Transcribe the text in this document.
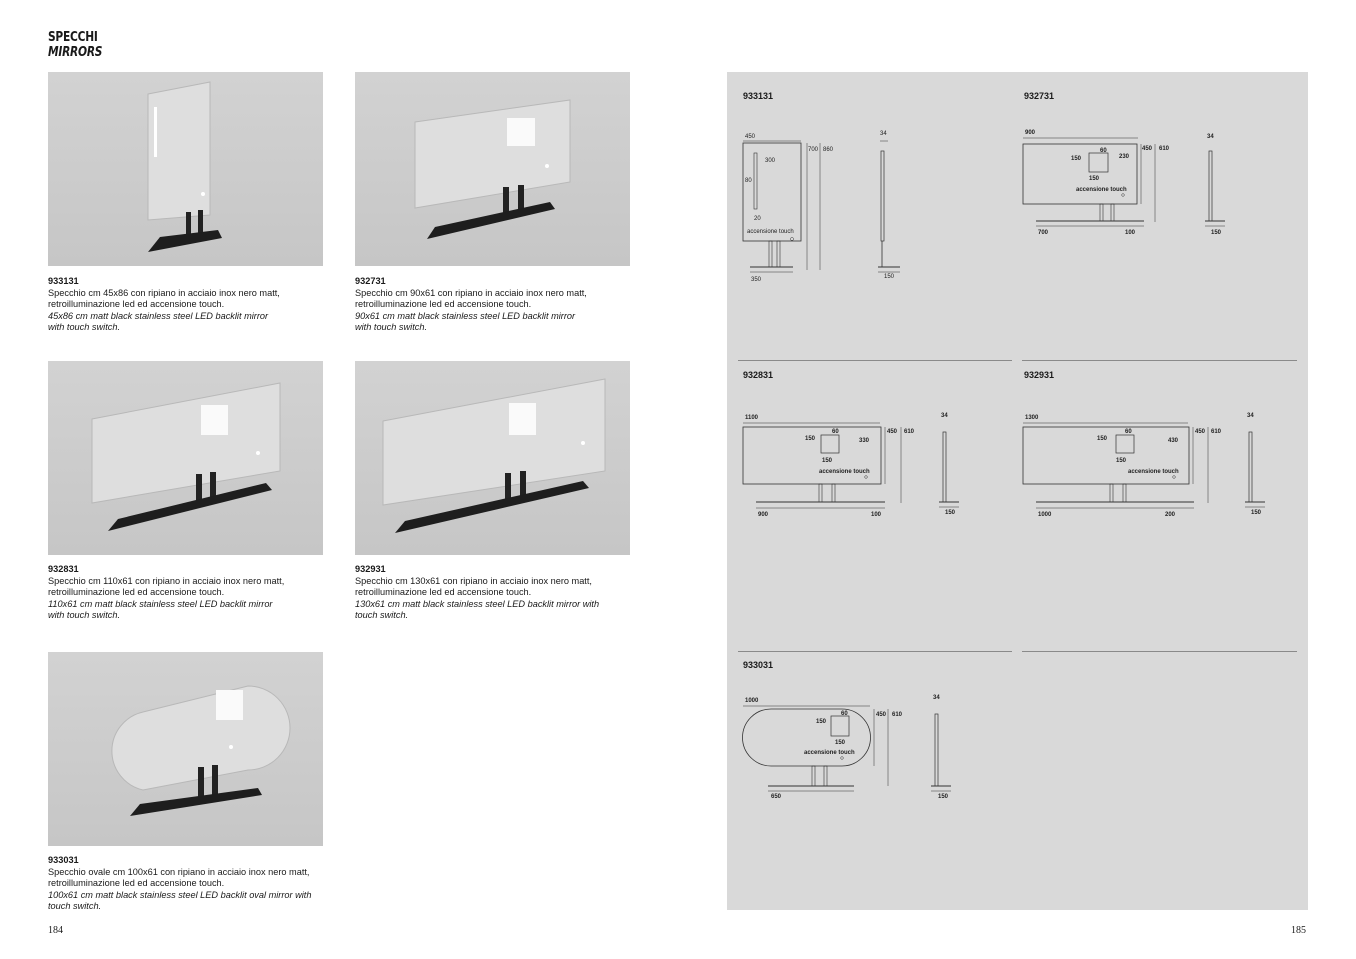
SPECCHI
MIRRORS
933131
Specchio cm 45x86 con ripiano in acciaio inox nero matt,
retroilluminazione led ed accensione touch.
45x86 cm matt black stainless steel LED backlit mirror
with touch switch.
932731
Specchio cm 90x61 con ripiano in acciaio inox nero matt,
retroilluminazione led ed accensione touch.
90x61 cm matt black stainless steel LED backlit mirror
with touch switch.
932831
Specchio cm 110x61 con ripiano in acciaio inox nero matt,
retroilluminazione led ed accensione touch.
110x61 cm matt black stainless steel LED backlit mirror
with touch switch.
932931
Specchio cm 130x61 con ripiano in acciaio inox nero matt,
retroilluminazione led ed accensione touch.
130x61 cm matt black stainless steel LED backlit mirror with
touch switch.
933031
Specchio ovale cm 100x61 con ripiano in acciaio inox nero matt,
retroilluminazione led ed accensione touch.
100x61 cm matt black stainless steel LED backlit oval mirror with
touch switch.
184	185
933131
450
300
80
20
accensione touch
700 860
350
34
150
932731
900
60
150	230
150
accensione touch
450 610
700	100
34
150
932831
1100
60
150	330
150
accensione touch
450 610
900	100
34
150
932931
1300
60
150	430
150
accensione touch
450 610
1000	200
34
150
933031
1000
60
150
150
accensione touch
450 610
650
34
150
